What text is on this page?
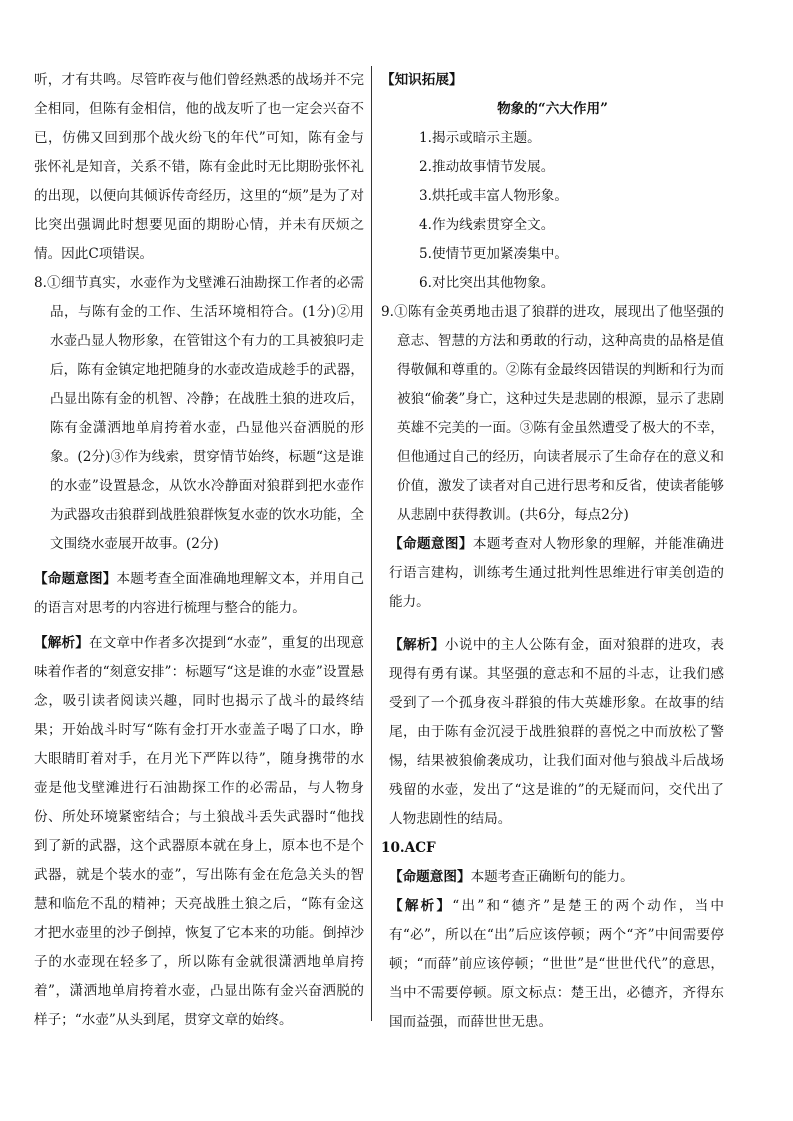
听，才有共鸣。尽管昨夜与他们曾经熟悉的战场并不完全相同，但陈有金相信，他的战友听了也一定会兴奋不已，仿佛又回到那个战火纷飞的年代”可知，陈有金与张怀礼是知音，关系不错，陈有金此时无比期盼张怀礼的出现，以便向其倾诉传奇经历，这里的“烦”是为了对比突出强调此时想要见面的期盼心情，并未有厌烦之情。因此C项错误。

8.①细节真实，水壶作为戈壁滩石油勘探工作者的必需品，与陈有金的工作、生活环境相符合。(1分)②用水壶凸显人物形象，在管钳这个有力的工具被狼叼走后，陈有金镇定地把随身的水壶改造成趁手的武器，凸显出陈有金的机智、冷静；在战胜土狼的进攻后，陈有金潇洒地单肩挎着水壶，凸显他兴奋洒脱的形象。(2分)③作为线索，贯穿情节始终，标题“这是谁的水壶”设置悬念，从饮水冷静面对狼群到把水壶作为武器攻击狼群到战胜狼群恢复水壶的饮水功能，全文围绕水壶展开故事。(2分)

【命题意图】本题考查全面准确地理解文本，并用自己的语言对思考的内容进行梳理与整合的能力。

【解析】在文章中作者多次提到“水壶”，重复的出现意味着作者的“刻意安排”：标题写“这是谁的水壶”设置悬念，吸引读者阅读兴趣，同时也揭示了战斗的最终结果；开始战斗时写“陈有金打开水壶盖子喝了口水，睁大眼睛盯着对手，在月光下严阵以待”，随身携带的水壶是他戈壁滩进行石油勘探工作的必需品，与人物身份、所处环境紧密结合；与土狼战斗丢失武器时“他找到了新的武器，这个武器原本就在身上，原本也不是个武器，就是个装水的壶”，写出陈有金在危急关头的智慧和临危不乱的精神；天亮战胜土狼之后，“陈有金这才把水壶里的沙子倒掉，恢复了它本来的功能。倒掉沙子的水壶现在轻多了，所以陈有金就很潇洒地单肩挎着”，潇洒地单肩挎着水壶，凸显出陈有金兴奋洒脱的样子；“水壶”从头到尾，贯穿文章的始终。

【知识拓展】

物象的“六大作用”

1.揭示或暗示主题。

2.推动故事情节发展。

3.烘托或丰富人物形象。

4.作为线索贯穿全文。

5.使情节更加紧凑集中。

6.对比突出其他物象。

9.①陈有金英勇地击退了狼群的进攻，展现出了他坚强的意志、智慧的方法和勇敢的行动，这种高贵的品格是值得敬佩和尊重的。②陈有金最终因错误的判断和行为而被狼“偷袭”身亡，这种过失是悲剧的根源，显示了悲剧英雄不完美的一面。③陈有金虽然遭受了极大的不幸，但他通过自己的经历，向读者展示了生命存在的意义和价值，激发了读者对自己进行思考和反省，使读者能够从悲剧中获得教训。(共6分，每点2分)

【命题意图】本题考查对人物形象的理解，并能准确进行语言建构，训练考生通过批判性思维进行审美创造的能力。

【解析】小说中的主人公陈有金，面对狼群的进攻，表现得有勇有谋。其坚强的意志和不屈的斗志，让我们感受到了一个孤身夜斗群狼的伟大英雄形象。在故事的结尾，由于陈有金沉浸于战胜狼群的喜悦之中而放松了警惕，结果被狼偷袭成功，让我们面对他与狼战斗后战场残留的水壶，发出了“这是谁的”的无疑而问，交代出了人物悲剧性的结局。

10.ACF

【命题意图】本题考查正确断句的能力。

【解析】“出”和“德齐”是楚王的两个动作，当中有“必”，所以在“出”后应该停顿；两个“齐”中间需要停顿；“而薛”前应该停顿；“世世”是“世世代代”的意思，当中不需要停顿。原文标点：楚王出，必德齐，齐得东国而益强，而薛世世无患。
